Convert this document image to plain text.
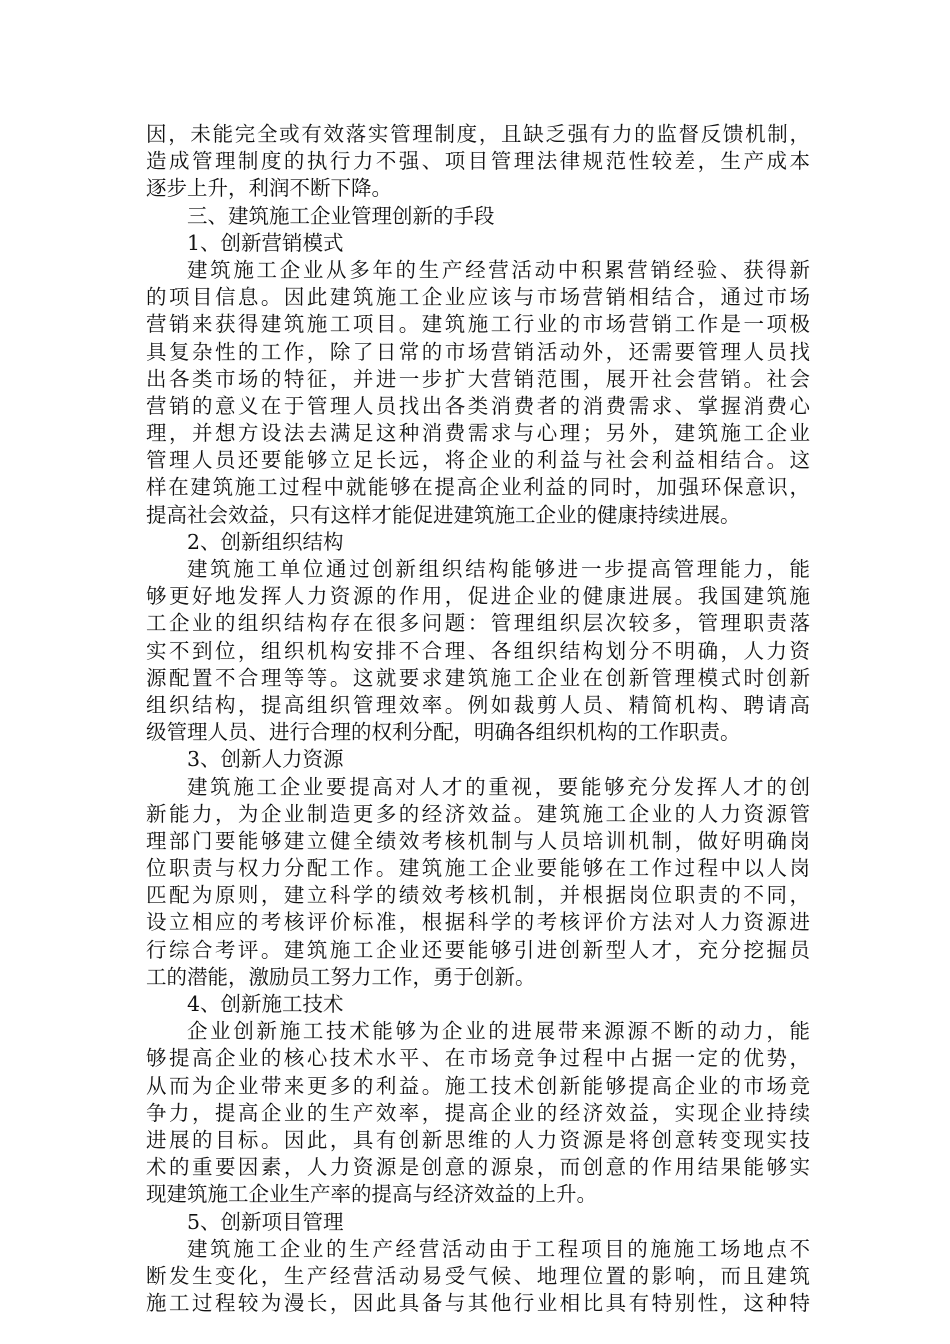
因，未能完全或有效落实管理制度，且缺乏强有力的监督反馈机制，
造成管理制度的执行力不强、项目管理法律规范性较差，生产成本
逐步上升，利润不断下降。
三、建筑施工企业管理创新的手段
1、创新营销模式
建筑施工企业从多年的生产经营活动中积累营销经验、获得新
的项目信息。因此建筑施工企业应该与市场营销相结合，通过市场
营销来获得建筑施工项目。建筑施工行业的市场营销工作是一项极
具复杂性的工作，除了日常的市场营销活动外，还需要管理人员找
出各类市场的特征，并进一步扩大营销范围，展开社会营销。社会
营销的意义在于管理人员找出各类消费者的消费需求、掌握消费心
理，并想方设法去满足这种消费需求与心理；另外，建筑施工企业
管理人员还要能够立足长远，将企业的利益与社会利益相结合。这
样在建筑施工过程中就能够在提高企业利益的同时，加强环保意识，
提高社会效益，只有这样才能促进建筑施工企业的健康持续进展。
2、创新组织结构
建筑施工单位通过创新组织结构能够进一步提高管理能力，能
够更好地发挥人力资源的作用，促进企业的健康进展。我国建筑施
工企业的组织结构存在很多问题：管理组织层次较多，管理职责落
实不到位，组织机构安排不合理、各组织结构划分不明确，人力资
源配置不合理等等。这就要求建筑施工企业在创新管理模式时创新
组织结构，提高组织管理效率。例如裁剪人员、精简机构、聘请高
级管理人员、进行合理的权利分配，明确各组织机构的工作职责。
3、创新人力资源
建筑施工企业要提高对人才的重视，要能够充分发挥人才的创
新能力，为企业制造更多的经济效益。建筑施工企业的人力资源管
理部门要能够建立健全绩效考核机制与人员培训机制，做好明确岗
位职责与权力分配工作。建筑施工企业要能够在工作过程中以人岗
匹配为原则，建立科学的绩效考核机制，并根据岗位职责的不同，
设立相应的考核评价标准，根据科学的考核评价方法对人力资源进
行综合考评。建筑施工企业还要能够引进创新型人才，充分挖掘员
工的潜能，激励员工努力工作，勇于创新。
4、创新施工技术
企业创新施工技术能够为企业的进展带来源源不断的动力，能
够提高企业的核心技术水平、在市场竞争过程中占据一定的优势，
从而为企业带来更多的利益。施工技术创新能够提高企业的市场竞
争力，提高企业的生产效率，提高企业的经济效益，实现企业持续
进展的目标。因此，具有创新思维的人力资源是将创意转变现实技
术的重要因素，人力资源是创意的源泉，而创意的作用结果能够实
现建筑施工企业生产率的提高与经济效益的上升。
5、创新项目管理
建筑施工企业的生产经营活动由于工程项目的施施工场地点不
断发生变化，生产经营活动易受气候、地理位置的影响，而且建筑
施工过程较为漫长，因此具备与其他行业相比具有特别性，这种特
